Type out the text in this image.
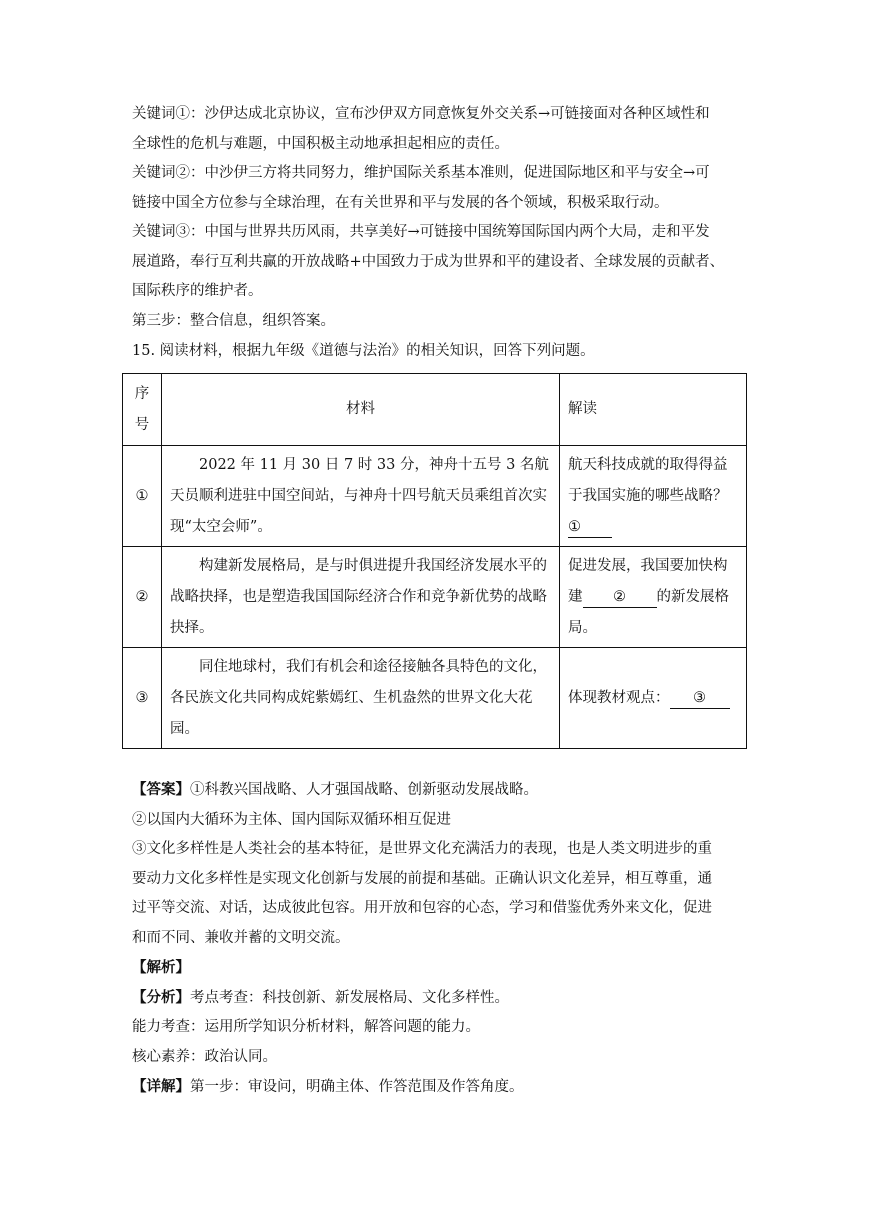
关键词①：沙伊达成北京协议，宣布沙伊双方同意恢复外交关系→可链接面对各种区域性和
全球性的危机与难题，中国积极主动地承担起相应的责任。
关键词②：中沙伊三方将共同努力，维护国际关系基本准则，促进国际地区和平与安全→可
链接中国全方位参与全球治理，在有关世界和平与发展的各个领域，积极采取行动。
关键词③：中国与世界共历风雨，共享美好→可链接中国统筹国际国内两个大局，走和平发
展道路，奉行互利共赢的开放战略+中国致力于成为世界和平的建设者、全球发展的贡献者、
国际秩序的维护者。
第三步：整合信息，组织答案。
15. 阅读材料，根据九年级《道德与法治》的相关知识，回答下列问题。
序
号	材料	解读
①	2022 年 11 月 30 日 7 时 33 分，神舟十五号 3 名航天员顺利进驻中国空间站，与神舟十四号航天员乘组首次实现“太空会师”。	航天科技成就的取得得益于我国实施的哪些战略？
①
②	构建新发展格局，是与时俱进提升我国经济发展水平的战略抉择，也是塑造我国国际经济合作和竞争新优势的战略抉择。	促进发展，我国要加快构建 ② 的新发展格局。
③	同住地球村，我们有机会和途径接触各具特色的文化，各民族文化共同构成姹紫嫣红、生机盎然的世界文化大花园。	体现教材观点： ③
【答案】①科教兴国战略、人才强国战略、创新驱动发展战略。
②以国内大循环为主体、国内国际双循环相互促进
③文化多样性是人类社会的基本特征，是世界文化充满活力的表现，也是人类文明进步的重
要动力文化多样性是实现文化创新与发展的前提和基础。正确认识文化差异，相互尊重，通
过平等交流、对话，达成彼此包容。用开放和包容的心态，学习和借鉴优秀外来文化，促进
和而不同、兼收并蓄的文明交流。
【解析】
【分析】考点考查：科技创新、新发展格局、文化多样性。
能力考查：运用所学知识分析材料，解答问题的能力。
核心素养：政治认同。
【详解】第一步：审设问，明确主体、作答范围及作答角度。
